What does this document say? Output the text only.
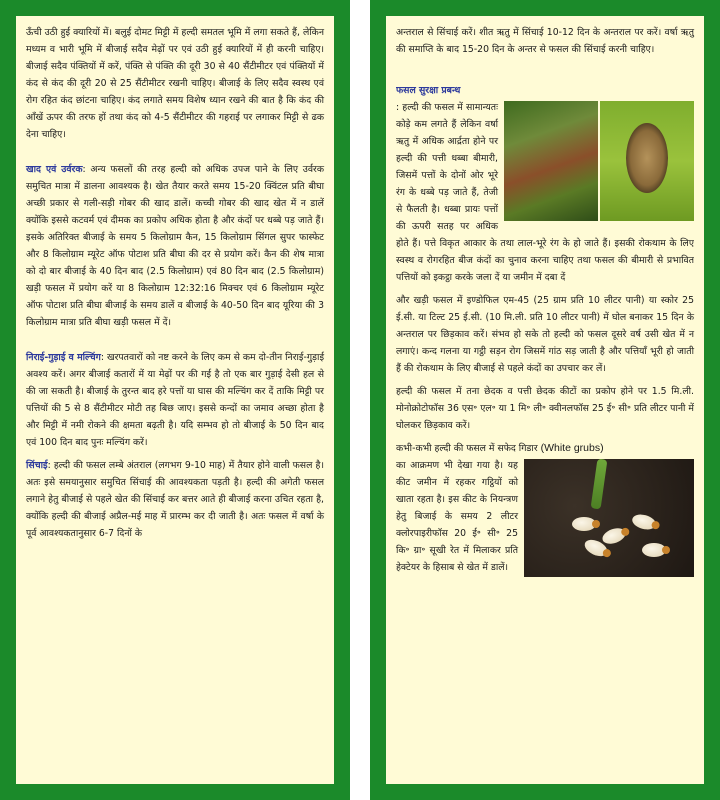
ऊँची उठी हुई क्यारियों में। बलुई दोमट मिट्टी में हल्दी समतल भूमि में लगा सकते हैं, लेकिन मध्यम व भारी भूमि में बीजाई सदैव मेढ़ों पर एवं उठी हुई क्यारियों में ही करनी चाहिए। बीजाई सदैव पंक्तियों में करें, पंक्ति से पंक्ति की दूरी 30 से 40 सैंटीमीटर एवं पंक्तियों में कंद से कंद की दूरी 20 से 25 सैंटीमीटर रखनी चाहिए। बीजाई के लिए सदैव स्वस्थ एवं रोग रहित कंद छांटना चाहिए। कंद लगाते समय विशेष ध्यान रखने की बात है कि कंद की आँखें ऊपर की तरफ हों तथा कंद को 4-5 सैंटीमीटर की गहराई पर लगाकर मिट्टी से ढक देना चाहिए।

खाद एवं उर्वरक: अन्य फसलों की तरह हल्दी को अधिक उपज पाने के लिए उर्वरक समुचित मात्रा में डालना आवश्यक है। खेत तैयार करते समय 15-20 क्विंटल प्रति बीघा अच्छी प्रकार से गली-सड़ी गोबर की खाद डालें। कच्ची गोबर की खाद खेत में न डालें क्योंकि इससे कटवर्म एवं दीमक का प्रकोप अधिक होता है और कंदों पर धब्बे पड़ जाते हैं। इसके अतिरिक्त बीजाई के समय 5 किलोग्राम कैन, 15 किलोग्राम सिंगल सुपर फास्फेट और 8 किलोग्राम म्यूरेट ऑफ पोटाश प्रति बीघा की दर से प्रयोग करें। कैन की शेष मात्रा को दो बार बीजाई के 40 दिन बाद (2.5 किलोग्राम) एवं 80 दिन बाद (2.5 किलोग्राम) खड़ी फसल में प्रयोग करें या 8 किलोग्राम 12:32:16 मिक्चर एवं 6 किलोग्राम म्यूरेट ऑफ पोटाश प्रति बीघा बीजाई के समय डालें व बीजाई के 40-50 दिन बाद यूरिया की 3 किलोग्राम मात्रा प्रति बीघा खड़ी फसल में दें।

निराई-गुड़ाई व मल्चिंग: खरपतवारों को नष्ट करने के लिए कम से कम दो-तीन निराई-गुड़ाई अवश्य करें। अगर बीजाई कतारों में या मेढ़ों पर की गई है तो एक बार गुड़ाई देसी हल से की जा सकती है। बीजाई के तुरन्त बाद हरे पत्तों या घास की मल्चिंग कर दें ताकि मिट्टी पर पत्तियों की 5 से 8 सैंटीमीटर मोटी तह बिछ जाए। इससे कन्दों का जमाव अच्छा होता है और मिट्टी में नमी रोकने की क्षमता बढ़ती है। यदि सम्भव हो तो बीजाई के 50 दिन बाद एवं 100 दिन बाद पुनः मल्चिंग करें।

सिंचाई: हल्दी की फसल लम्बे अंतराल (लगभग 9-10 माह) में तैयार होने वाली फसल है। अतः इसे समयानुसार समुचित सिंचाई की आवश्यकता पड़ती है। हल्दी की अगेती फसल लगाने हेतु बीजाई से पहले खेत की सिंचाई कर बत्तर आते ही बीजाई करना उचित रहता है, क्योंकि हल्दी की बीजाई अप्रैल-मई माह में प्रारम्भ कर दी जाती है। अतः फसल में वर्षा के पूर्व आवश्यकतानुसार 6-7 दिनों के

अन्तराल से सिंचाई करें। शीत ऋतु में सिंचाई 10-12 दिन के अन्तराल पर करें। वर्षा ऋतु की समाप्ति के बाद 15-20 दिन के अन्तर से फसल की सिंचाई करनी चाहिए।

फसल सुरक्षा प्रबन्ध

: हल्दी की फसल में सामान्यतः कोड़े कम लगते हैं लेकिन वर्षा ऋतु में अधिक आर्द्रता होने पर हल्दी की पत्ती धब्बा बीमारी, जिसमें पत्तों के दोनों ओर भूरे रंग के धब्बे पड़ जाते हैं, तेजी से फैलती है। धब्बा प्रायः पत्तों की ऊपरी सतह पर अधिक होते हैं। पत्ते विकृत आकार के तथा लाल-भूरे रंग के हो जाते हैं। इसकी रोकथाम के लिए स्वस्थ व रोगरहित बीज कंदों का चुनाव करना चाहिए तथा फसल की बीमारी से प्रभावित पत्तियों को इकट्ठा करके जला दें या जमीन में दबा दें

और खड़ी फसल में इण्डोफिल एम-45 (25 ग्राम प्रति 10 लीटर पानी) या स्कोर 25 ई.सी. या टिल्ट 25 ई.सी. (10 मि.ली. प्रति 10 लीटर पानी) में घोल बनाकर 15 दिन के अन्तराल पर छिड़काव करें। संभव हो सके तो हल्दी को फसल दूसरे वर्ष उसी खेत में न लगाएं। कन्द गलना या गट्ठी सड़न रोग जिसमें गांठ सड़ जाती है और पत्तियाँ भूरी हो जाती हैं की रोकथाम के लिए बीजाई से पहले कंदों का उपचार कर लें।

हल्दी की फसल में तना छेदक व पत्ती छेदक कीटों का प्रकोप होने पर 1.5 मि.ली. मोनोक्रोटोफॉस 36 एस॰ एल॰ या 1 मि॰ ली॰ क्वीनलफॉस 25 ई॰ सी॰ प्रति लीटर पानी में घोलकर छिड़काव करें।

कभी-कभी हल्दी की फसल में सफेद गिडार (White grubs)

का आक्रमण भी देखा गया है। यह कीट जमीन में रहकर गट्ठियों को खाता रहता है। इस कीट के नियन्त्रण हेतु बिजाई के समय 2 लीटर क्लोरपाइरीफॉस 20 ई॰ सी॰ 25 कि॰ ग्रा॰ सूखी रेत में मिलाकर प्रति हेक्टेयर के हिसाब से खेत में डालें।
